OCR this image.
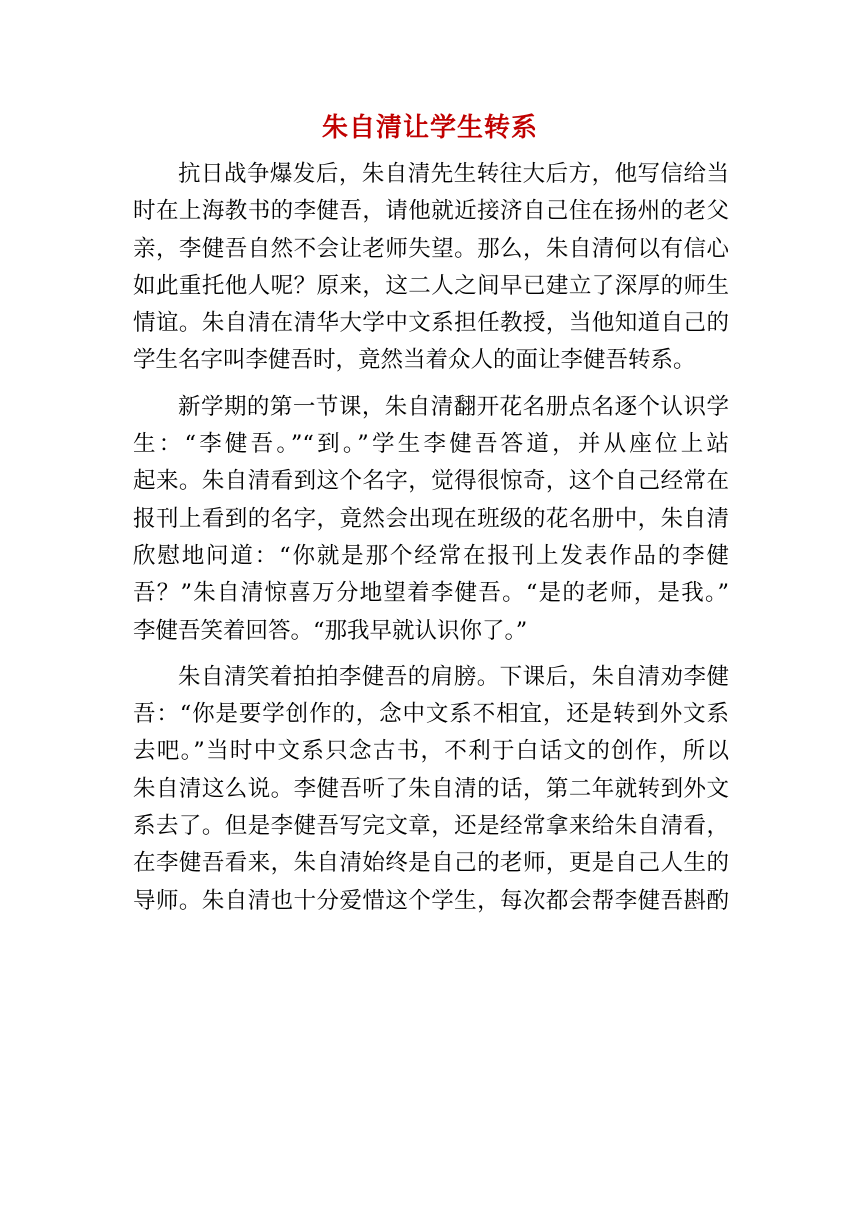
朱自清让学生转系
抗日战争爆发后，朱自清先生转往大后方，他写信给当
时在上海教书的李健吾，请他就近接济自己住在扬州的老父
亲，李健吾自然不会让老师失望。那么，朱自清何以有信心
如此重托他人呢？原来，这二人之间早已建立了深厚的师生
情谊。朱自清在清华大学中文系担任教授，当他知道自己的
学生名字叫李健吾时，竟然当着众人的面让李健吾转系。
新学期的第一节课，朱自清翻开花名册点名逐个认识学
生：“李健吾。”“到。”学生李健吾答道，并从座位上站
起来。朱自清看到这个名字，觉得很惊奇，这个自己经常在
报刊上看到的名字，竟然会出现在班级的花名册中，朱自清
欣慰地问道：“你就是那个经常在报刊上发表作品的李健
吾？”朱自清惊喜万分地望着李健吾。“是的老师，是我。”
李健吾笑着回答。“那我早就认识你了。”
朱自清笑着拍拍李健吾的肩膀。下课后，朱自清劝李健
吾：“你是要学创作的，念中文系不相宜，还是转到外文系
去吧。”当时中文系只念古书，不利于白话文的创作，所以
朱自清这么说。李健吾听了朱自清的话，第二年就转到外文
系去了。但是李健吾写完文章，还是经常拿来给朱自清看，
在李健吾看来，朱自清始终是自己的老师，更是自己人生的
导师。朱自清也十分爱惜这个学生，每次都会帮李健吾斟酌
